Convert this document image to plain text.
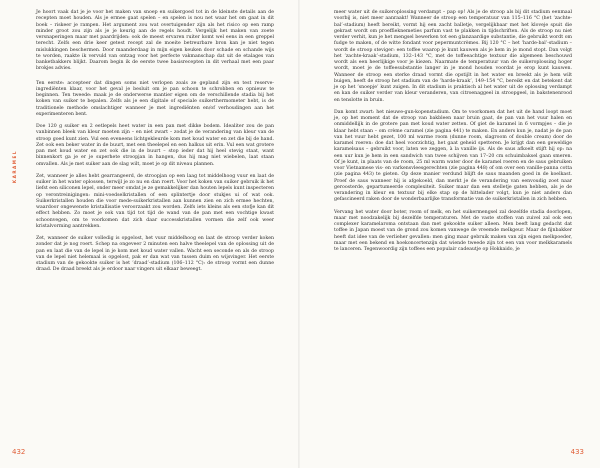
Je hoort vaak dat je je voor het maken van snoep en suikergoed tot in de kleinste details aan de recepten moet houden. Als je ermee gaat spelen – en spelen is nou net waar het om gaat in dit boek – riskeer je rampen. Het argument zou wat overtuigender zijn als het risico op een ramp minder groot zou zijn als je je keurig aan de regels houdt. Vergelijk het maken van zoete versnaperingen maar met paardrijden: ook de meest ervaren ruiter komt wel eens in een greppel terecht. Zelfs een drie keer getest recept zal de moeite betreurbare bron kan je niet tegen mislukkingen beschermen. Door maanderdaag in mijn eigen keuken door schade en schande wijs te worden, raakte ik vervuld van ontzag voor het perfecte vakmanschap dat uit de etalages van banketbakkers blijkt. Daarom begin ik de eerste twee basisrecepten in dit verhaal met een paar brokjes advies.

Ten eerste: accepteer dat dingen soms niet verlopen zoals ze gepland zijn en test reserve-ingrediënten klaar, voor het geval je besluit om je pan schoon te schrobben en opnieuw te beginnen. Ten tweede: maak je de onderwerse mantier eigen om de verschillende stadia bij het koken van suiker te bepalen. Zelfs als je een digitale of speciale suikerthermometer hebt, is de traditionele methode omslachtiger wanneer je met ingrediënten en/of verhoudingen aan het experimenteren bent.

Doe 120 g suiker en 2 eetlepels heet water in een pan met dikke bodem. Idealiter zou de pan vanbinnen bleek van kleur moeten zijn – en niet zwart – zodat je de verandering van kleur van de stroop goed kunt zien. Vul een eveneens lichtgekleurde kom met koud water en zet die bij de hand. Zet ook een beker water in de buurt, met een theelepel en een halkus uit erin. Vul een wat grotere pan met koud water en zet ook die in de buurt – stop ieder dat hij heel stevig staat, want binnenkort ga je er je superhete stroopjan in hangen, dus hij mag niet wiebelen, laat staan omvallen. Als je met suiker aan de slag wilt, moet je op dit niveau plannen.

Zet, wanneer je alles hebt gearrangeerd, de stroopjan op een laag tot middelhoog vuur en laat de suiker in het water oplossen, terwijl je zo nu en dan roert. Voor het koken van suiker gebruik ik het liefst een siliconen lepel, onder meer omdat je ze gemakkelijker dan houten lepels kunt inspecteren op verontreinigingen: mini-voedselkristallen of een splintertje door stukjes ui of wat ook. Suikerkristallen houden die voor mede-suikerkristallen aan kunnen zien en zich ermee hechten, waardoor ongewenste kristallisatie veroorzaakt zou worden. Zelfs iets kleins als een stofje kan dit effect hebben. Zo moet je ook van tijd tot tijd de wand van de pan met een vochtige kwast schoonvegen, om te voorkomen dat zich daar successkristallen vormen die zelf ook weer kristalvorming aantrekken.

Zet, wanneer de suiker volledig is opgelost, het vuur middelhoog en laat de stroop verder koken zonder dat je nog roert. Schep na ongeveer 2 minuten een halve theelepel van de oplossing uit de pan en laat die van de lepel in je kom met koud water vallen. Wacht een seconde en als de stroop van de lepel niet helemaal is opgelost, pak er dan wat van tussen duim en wijsvinger. Het eerste stadium van de gekookte suiker is het ‘draad’-stadium (106–112 °C): de stroop vormt een dunne draad. De draad breekt als je erdoor naar vingers uit elkaar beweegt.

KARAMEL
432

meer water uit de suikeroplossing verdampt – pap op! Als je de stroop als bij dit stadium eenmaal voorbij is, niet meer aanraakt! Wanneer de stroop een temperatuur van 115–116 °C (het ‘zachte-bal’-stadium) heeft bereikt, vormt hij een zacht balletje, vergelijkbaar met het kloveje spuit die gekrast wordt om proeffieknemeties parfum vast te plakken in tijdschriften. Als de stroop nu niet verder verhit, kun je het mengsel bewerken tot een glanzaardige substantie, die gebruikt wordt om fudge te maken, of de witte fondant voor pepermuntcrèmes. Bij 120 °C – het ‘harde-bal’-stadium – wordt de stroop steviger: een toffee waarop je kunt kauwen als je hem in je mond stopt. Dan volgt het ‘zachte-kraak’-stadium, 132–143 °C, met de toffeeachtige textuur die algemeen beschouwd wordt als een heerlijkige voor je kiezen. Naarmate de temperatuur van de suikeroplossing hoger wordt, moet je de toffeesubstantie langer in je mond houden voordat je erop kunt kauwen. Wanneer de stroop een sterke draad vormt die opstijlt in het water en breekt als je hem wilt buigen, heeft de stroop het stadium van de ‘harde-kraak’, 149–154 °C, bereikt en dat betekent dat je op het ‘snoepje’ kunt zuigen. In dit stadium is praktisch al het water uit de oplossing verdampt en kan de suiker verder van kleur veranderen, van citroenaggeel in stroopgeel, in bakstenenrood en tenslotte in bruin.

Dan komt zwart: het nieuwe-gun-kopenstadium. Om te voorkomen dat het uit de hand loopt moet je, op het moment dat de stroop van bakbleen naar bruin gaat, de pan van het vuur halen en onmiddellijk in de grotere pan met koud water zetten. Of giet de karamel in 6 vormpjes – die je klaar hebt staan – om crème caramel (zie pagina 441) te maken. En anders kun je, nadat je de pan van het vuur hebt gezet, 100 ml warme room (dunne room, slagroom of double cream) door de karamel roeren: doe dat heel voorzichtig, het gaat geheid spetteren. Je krijgt dan een geweldige karamelsaus – gebruikt voor, laten we zeggen, à la vanille ijs. Als de saus afkoelt stijft hij op: na een uur kun je hem in een sandwich van twee schijven van 17–20 cm schuimbaksel gaan smeren. Of je kunt, in plaats van de room, 25 ml warm water door de karamel roeren en de saus gebruiken voor Vietnamese vis- en varkensvleesgerechten (zie pagina 448) of om over een vanille-panna cotta (zie pagina 443) te gieten. Op deze manier verdund blijft de saus maanden goed in de koelkast. Proef de saus wanneer hij is afgekoeld, dan merkt je de verandering van eenvoudig zoet naar geroosterde, gepartumeerde complexiteit. Suiker maar dan een stelletje gaten hebben, als je de verandering in kleur en textuur bij elke stap op de hittelader volgt, kun je niet anders dan gefascineerd raken door de wonderbaarlijke transformatie van de suikerkristallen in zich hebben.

Vervang het water door boter, room of melk, en het suikermengsel zal dezelfde stadia doorlopen, maar met noodzakelijk bij dezelfde temperaturen. Met de vaste stoffen van zuivel zal ook een complexer karamelaroma ontstaan dan met gekookte suiker alleen. Men beeft lang gedacht dat toffee in Japan moest van de grond zou komen vanwege de vreemde melkgeur. Maar de fijnbakker heeft dat idee van de verlieher gevallen: men ging maar gebruik maken van zijn eigen melkpoeder, maar met een bekend en hoekoncertenzijn dat wiende tweede zijn tot een van voor melkkaramels te lanceren. Tegenwoordig zijn toffees een populair cadeautje op Hokkaido, je

433
